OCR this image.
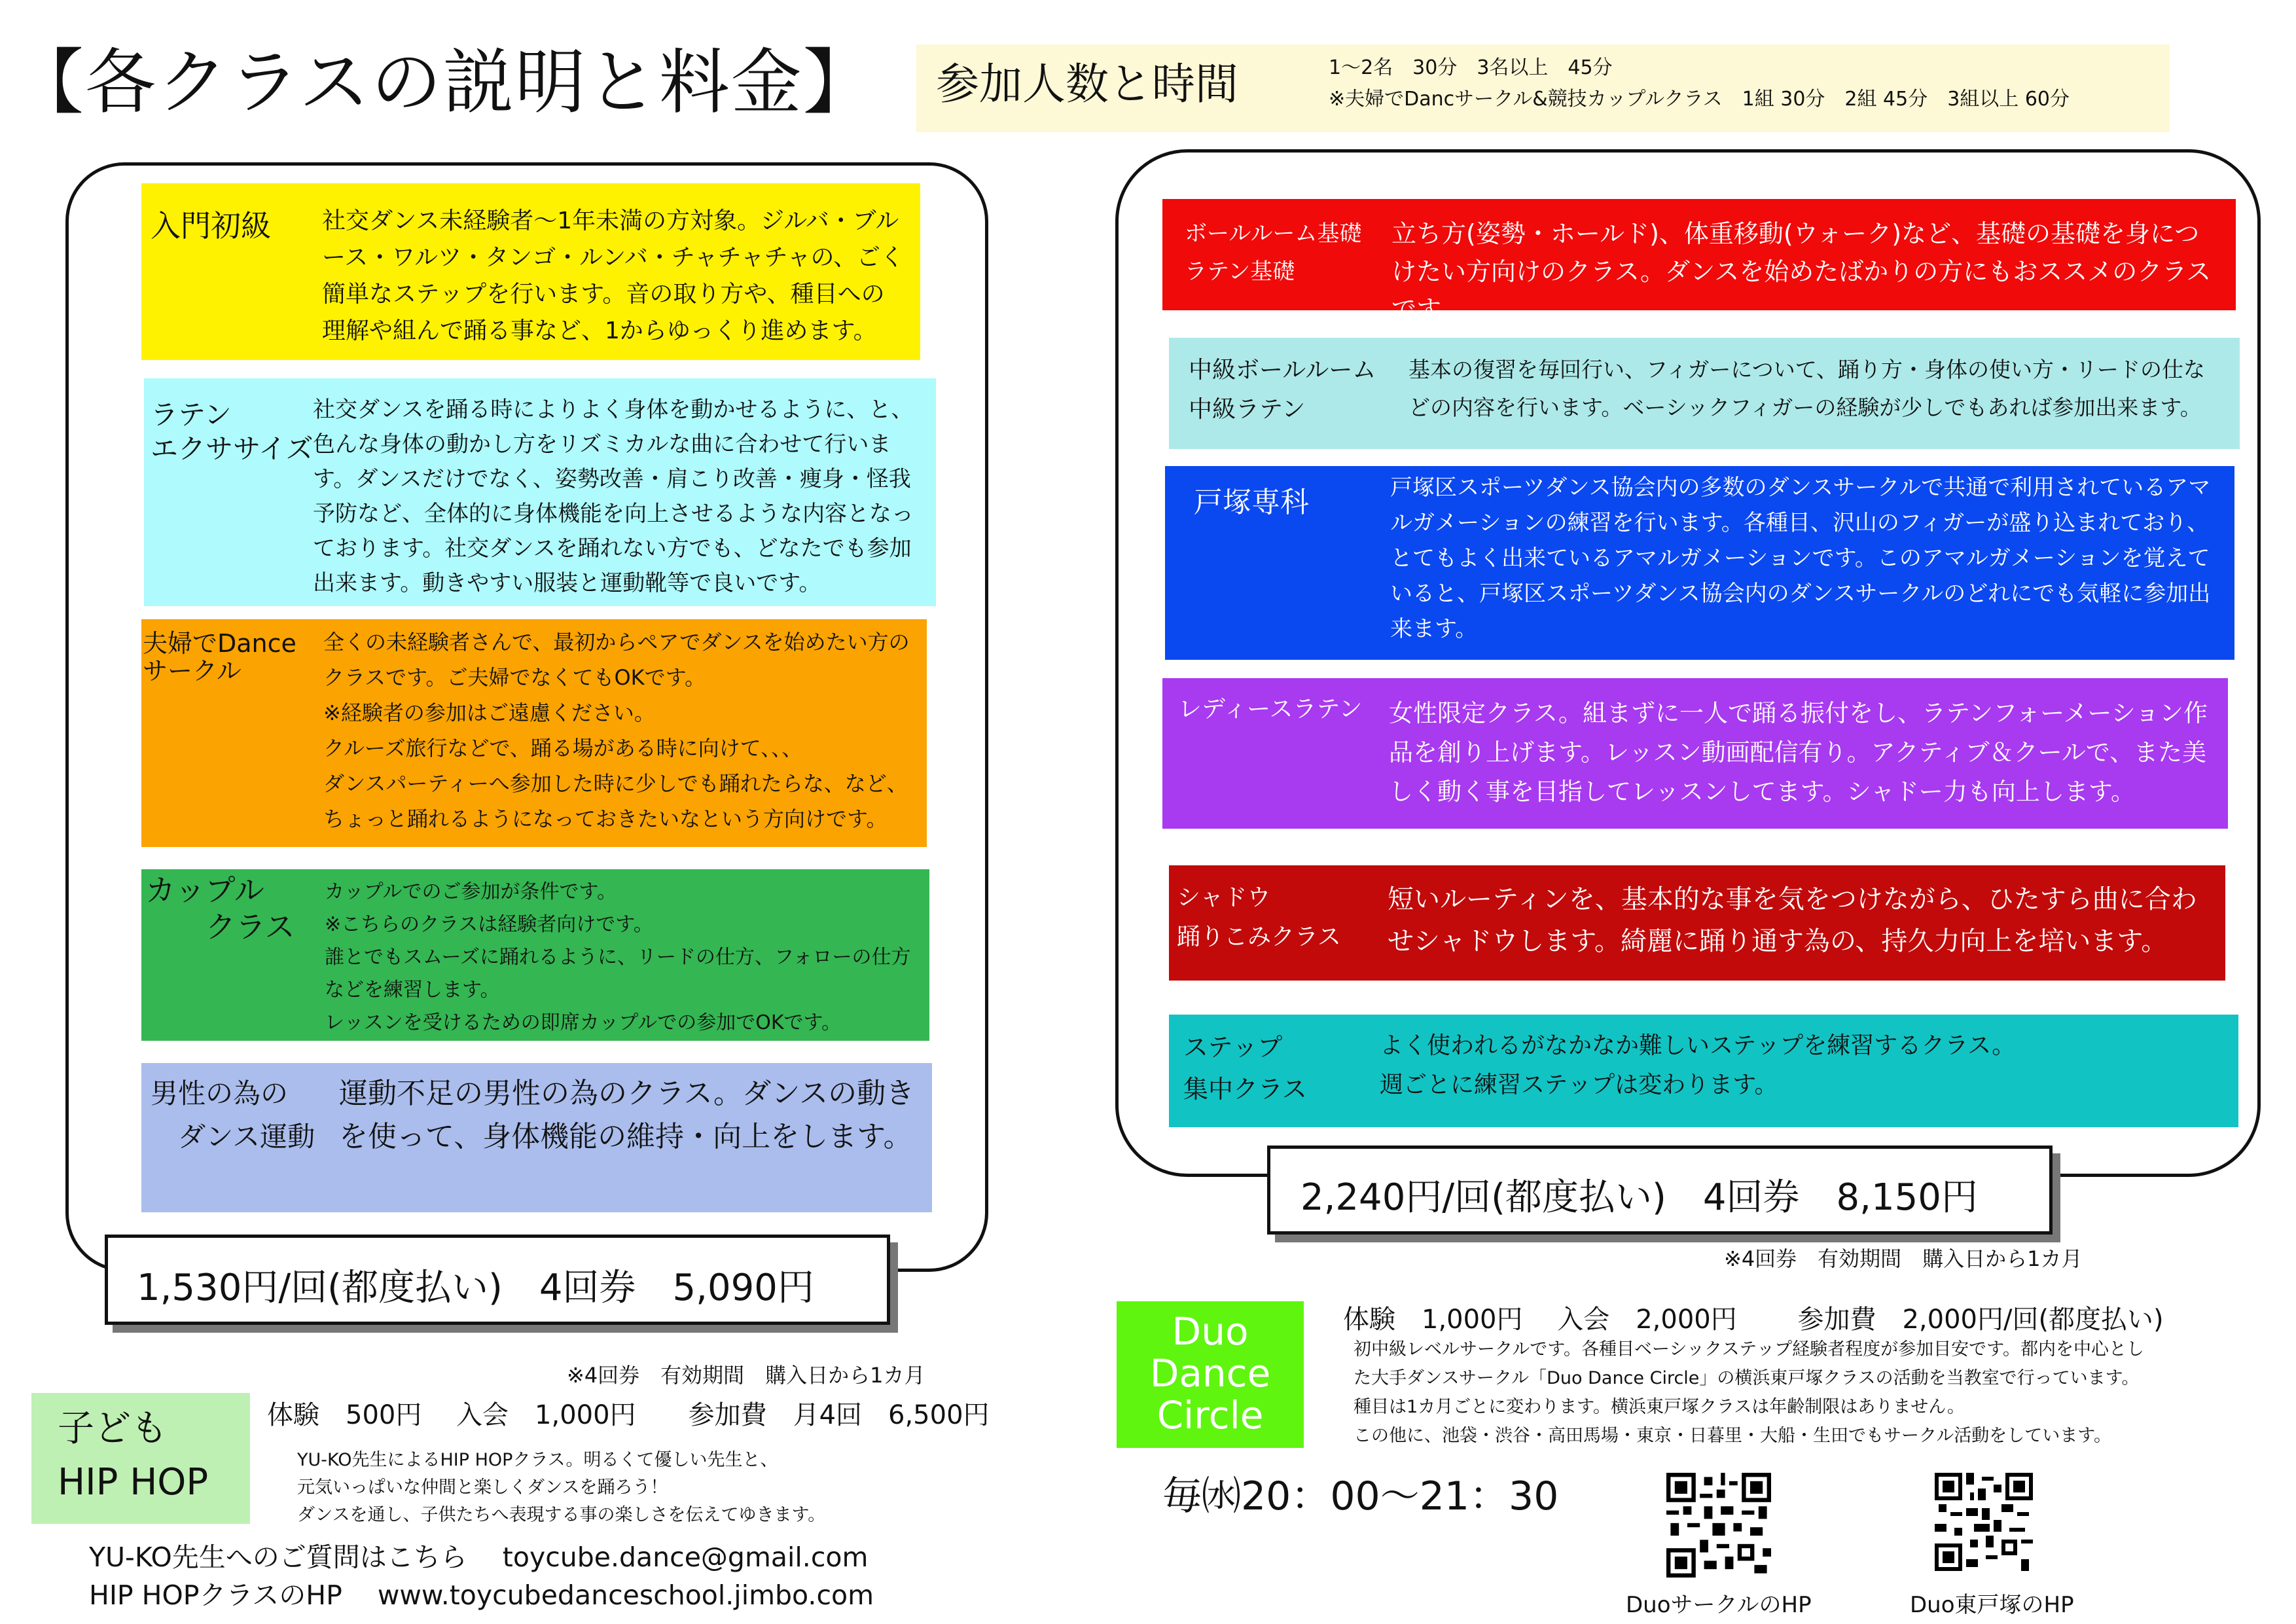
【各クラスの説明と料金】 参加人数と時間	1～2名　30分　3名以上　45分
※夫婦でDancサークル&競技カップルクラス　1組 30分　2組 45分　3組以上 60分
入門初級 社交ダンス未経験者～1年未満の方対象。ジルバ・ブルース・ワルツ・タンゴ・ルンバ・チャチャチャの、ごく簡単なステップを行います。音の取り方や、種目への理解や組んで踊る事など、1からゆっくり進めます。
ラテン
エクササイズ
社交ダンスを踊る時によりよく身体を動かせるように、と、色んな身体の動かし方をリズミカルな曲に合わせて行います。ダンスだけでなく、姿勢改善・肩こり改善・痩身・怪我予防など、全体的に身体機能を向上させるような内容となっております。社交ダンスを踊れない方でも、どなたでも参加出来ます。動きやすい服装と運動靴等で良いです。
夫婦でDance
サークル
全くの未経験者さんで、最初からペアでダンスを始めたい方のクラスです。ご夫婦でなくてもOKです。
※経験者の参加はご遠慮ください。
クルーズ旅行などで、踊る場がある時に向けて、、、
ダンスパーティーへ参加した時に少しでも踊れたらな、など、ちょっと踊れるようになっておきたいなという方向けです。
カップル
　　クラス
カップルでのご参加が条件です。
※こちらのクラスは経験者向けです。
誰とでもスムーズに踊れるように、リードの仕方、フォローの仕方などを練習します。
レッスンを受けるための即席カップルでの参加でOKです。
男性の為の
　ダンス運動
運動不足の男性の為のクラス。ダンスの動きを使って、身体機能の維持・向上をします。
1,530円/回(都度払い)　4回券　5,090円
※4回券　有効期間　購入日から1カ月
ボールルーム基礎
ラテン基礎
立ち方(姿勢・ホールド)、体重移動(ウォーク)など、基礎の基礎を身につけたい方向けのクラス。ダンスを始めたばかりの方にもおススメのクラスです。
中級ボールルーム
中級ラテン
基本の復習を毎回行い、フィガーについて、踊り方・身体の使い方・リードの仕などの内容を行います。ベーシックフィガーの経験が少しでもあれば参加出来ます。
戸塚専科	戸塚区スポーツダンス協会内の多数のダンスサークルで共通で利用されているアマルガメーションの練習を行います。各種目、沢山のフィガーが盛り込まれており、とてもよく出来ているアマルガメーションです。このアマルガメーションを覚えていると、戸塚区スポーツダンス協会内のダンスサークルのどれにでも気軽に参加出来ます。
レディースラテン 女性限定クラス。組まずに一人で踊る振付をし、ラテンフォーメーション作品を創り上げます。レッスン動画配信有り。アクティブ＆クールで、また美しく動く事を目指してレッスンしてます。シャドー力も向上します。
シャドウ
踊りこみクラス
短いルーティンを、基本的な事を気をつけながら、ひたすら曲に合わせシャドウします。綺麗に踊り通す為の、持久力向上を培います。
ステップ
集中クラス
よく使われるがなかなか難しいステップを練習するクラス。
週ごとに練習ステップは変わります。
2,240円/回(都度払い)　4回券　8,150円
※4回券　有効期間　購入日から1カ月
Duo
Dance
Circle
体験　1,000円　 入会　2,000円　　 参加費　2,000円/回(都度払い)
初中級レベルサークルです。各種目ベーシックステップ経験者程度が参加目安です。都内を中心とした大手ダンスサークル「Duo Dance Circle」の横浜東戸塚クラスの活動を当教室で行っています。種目は1カ月ごとに変わります。横浜東戸塚クラスは年齢制限はありません。
この他に、池袋・渋谷・高田馬場・東京・日暮里・大船・生田でもサークル活動をしています。
毎㈬20：00～21：30
DuoサークルのHP	Duo東戸塚のHP
子ども
HIP HOP
体験　500円　 入会　1,000円　　参加費　月4回　6,500円
YU-KO先生によるHIP HOPクラス。明るくて優しい先生と、
元気いっぱいな仲間と楽しくダンスを踊ろう！
ダンスを通し、子供たちへ表現する事の楽しさを伝えてゆきます。
YU-KO先生へのご質問はこちら　 toycube.dance@gmail.com
HIP HOPクラスのHP　 www.toycubedanceschool.jimbo.com
